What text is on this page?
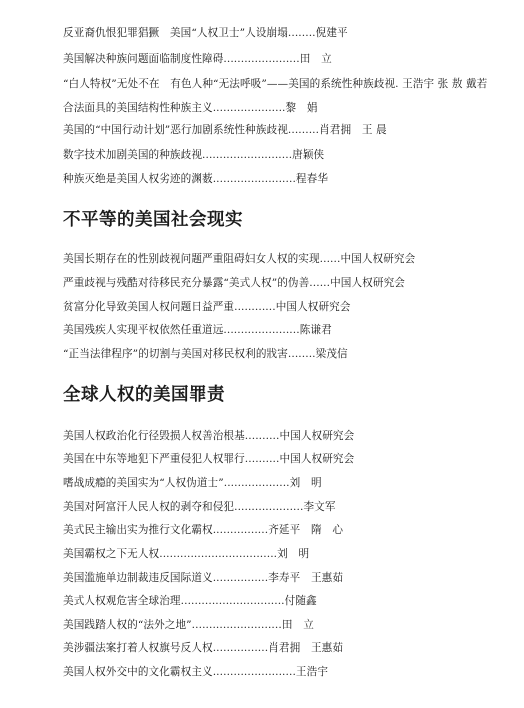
反亚裔仇恨犯罪猖獗　美国“人权卫士”人设崩塌........倪建平
美国解决种族问题面临制度性障碍......................田　立
“白人特权”无处不在　有色人种“无法呼吸”——美国的系统性种族歧视. 王浩宇 张 敖 戴若合法面具的美国结构性种族主义.....................黎　娟
美国的“中国行动计划”恶行加剧系统性种族歧视.........肖君拥　王 晨
数字技术加剧美国的种族歧视..........................唐颖侠
种族灭绝是美国人权劣迹的渊薮........................程春华
不平等的美国社会现实
美国长期存在的性别歧视问题严重阻碍妇女人权的实现......中国人权研究会
严重歧视与残酷对待移民充分暴露“美式人权”的伪善......中国人权研究会
贫富分化导致美国人权问题日益严重............中国人权研究会
美国残疾人实现平权依然任重道远......................陈谦君
“正当法律程序”的切割与美国对移民权利的戕害........梁茂信
全球人权的美国罪责
美国人权政治化行径毁损人权善治根基..........中国人权研究会
美国在中东等地犯下严重侵犯人权罪行..........中国人权研究会
嗜战成瘾的美国实为“人权伪道士”...................刘　明
美国对阿富汗人民人权的剥夺和侵犯....................李文军
美式民主输出实为推行文化霸权................齐延平　隋　心
美国霸权之下无人权..................................刘　明
美国滥施单边制裁违反国际道义................李寿平　王惠茹
美式人权观危害全球治理..............................付随鑫
美国践踏人权的“法外之地”..........................田　立
美涉疆法案打着人权旗号反人权................肖君拥　王惠茹
美国人权外交中的文化霸权主义........................王浩宇
